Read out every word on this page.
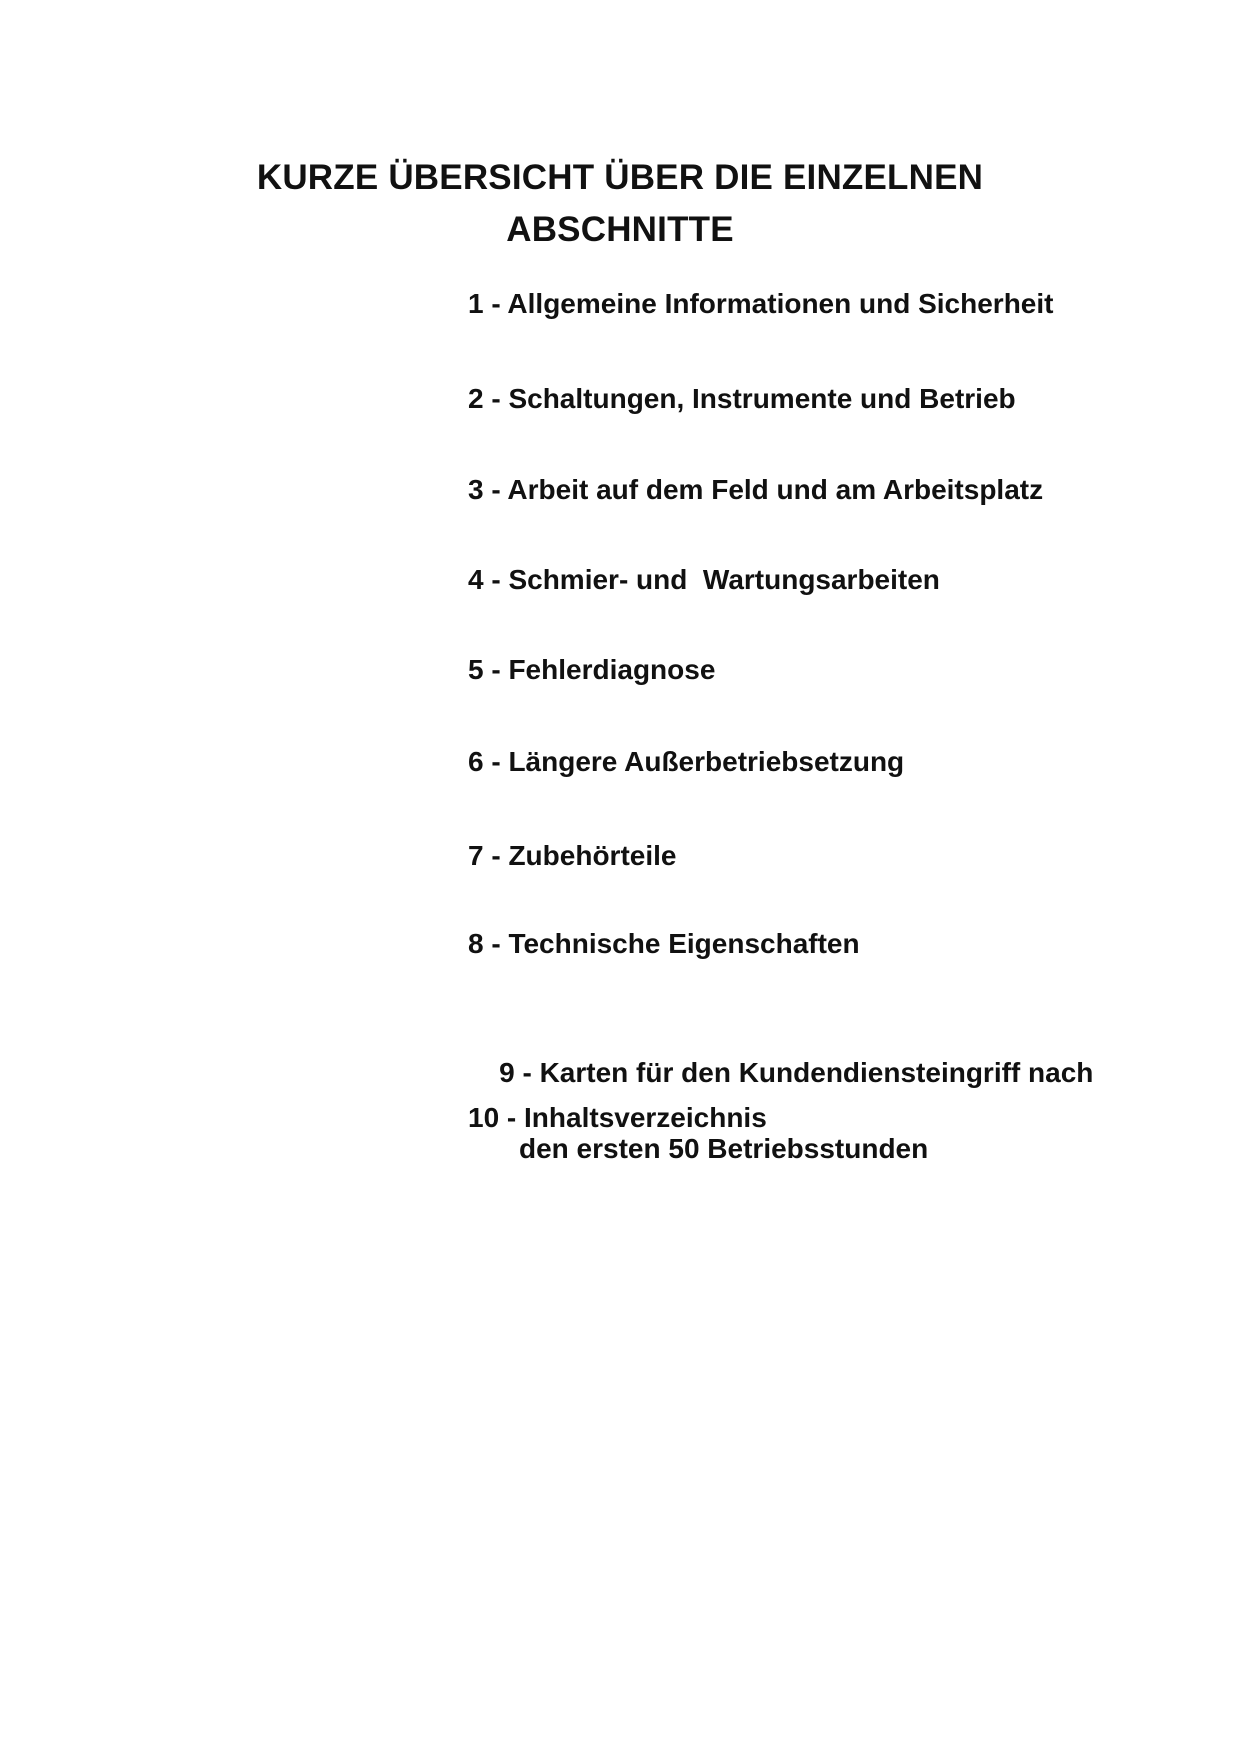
KURZE ÜBERSICHT ÜBER DIE EINZELNEN
ABSCHNITTE

1 - Allgemeine Informationen und Sicherheit

2 - Schaltungen, Instrumente und Betrieb

3 - Arbeit auf dem Feld und am Arbeitsplatz

4 - Schmier- und  Wartungsarbeiten

5 - Fehlerdiagnose

6 - Längere Außerbetriebsetzung

7 - Zubehörteile

8 - Technische Eigenschaften

9 - Karten für den Kundendiensteingriff nach

den ersten 50 Betriebsstunden

10 - Inhaltsverzeichnis
